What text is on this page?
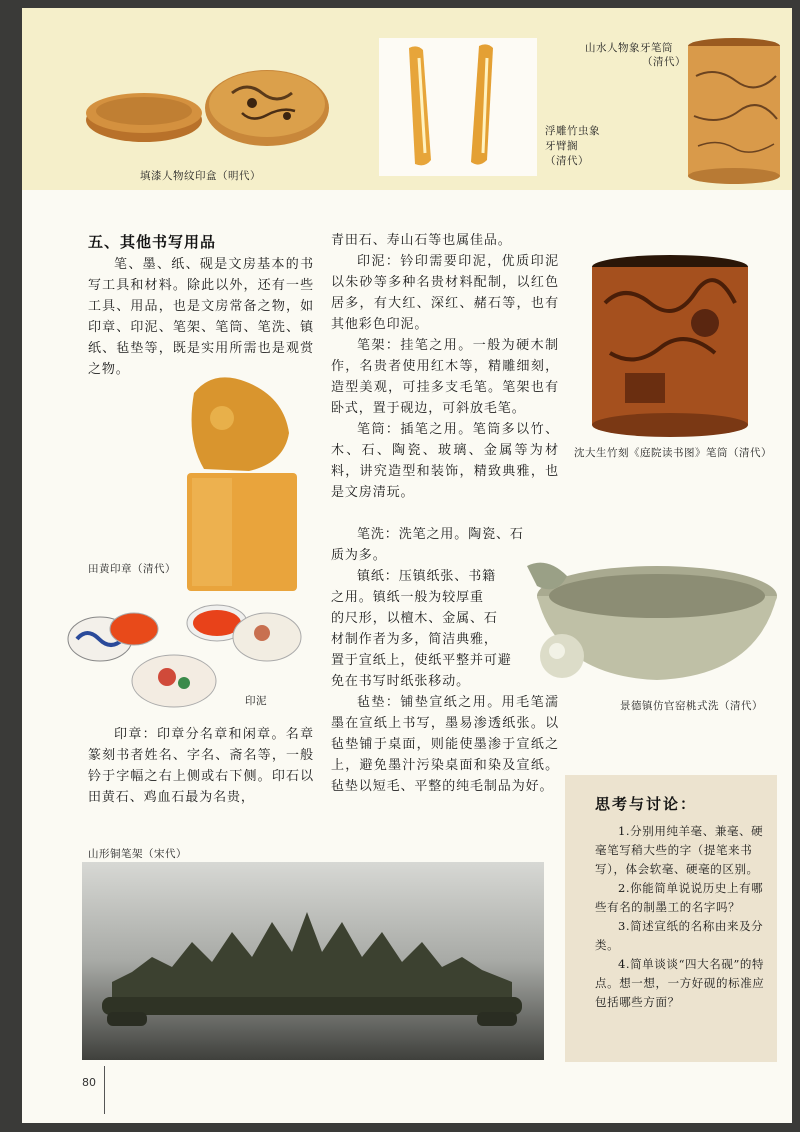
填漆人物纹印盒（明代）
浮雕竹虫象
牙臂搁
（清代）
山水人物象牙笔筒
（清代）
五、其他书写用品

笔、墨、纸、砚是文房基本的书写工具和材料。除此以外，还有一些工具、用品，也是文房常备之物，如印章、印泥、笔架、笔筒、笔洗、镇纸、毡垫等，既是实用所需也是观赏之物。

田黄印章（清代）
印泥

印章：印章分名章和闲章。名章篆刻书者姓名、字名、斋名等，一般钤于字幅之右上侧或右下侧。印石以田黄石、鸡血石最为名贵，

青田石、寿山石等也属佳品。

印泥：钤印需要印泥，优质印泥以朱砂等多种名贵材料配制，以红色居多，有大红、深红、赭石等，也有其他彩色印泥。

笔架：挂笔之用。一般为硬木制作，名贵者使用红木等，精雕细刻，造型美观，可挂多支毛笔。笔架也有卧式，置于砚边，可斜放毛笔。

笔筒：插笔之用。笔筒多以竹、木、石、陶瓷、玻璃、金属等为材料，讲究造型和装饰，精致典雅，也是文房清玩。

笔洗：洗笔之用。陶瓷、石

质为多。

镇纸：压镇纸张、书籍

之用。镇纸一般为较厚重

的尺形，以檀木、金属、石

材制作者为多，简洁典雅，

置于宣纸上，使纸平整并可避

免在书写时纸张移动。

毡垫：铺垫宣纸之用。用毛笔濡墨在宣纸上书写，墨易渗透纸张。以毡垫铺于桌面，则能使墨渗于宣纸之上，避免墨汁污染桌面和染及宣纸。毡垫以短毛、平整的纯毛制品为好。

沈大生竹刻《庭院读书图》笔筒（清代）
景德镇仿官窑桃式洗（清代）
山形铜笔架（宋代）
思考与讨论：

1.分别用纯羊毫、兼毫、硬毫笔写稍大些的字（提笔来书写），体会软毫、硬毫的区别。

2.你能简单说说历史上有哪些有名的制墨工的名字吗？

3.简述宣纸的名称由来及分类。

4.简单谈谈“四大名砚”的特点。想一想，一方好砚的标准应包括哪些方面？

80
